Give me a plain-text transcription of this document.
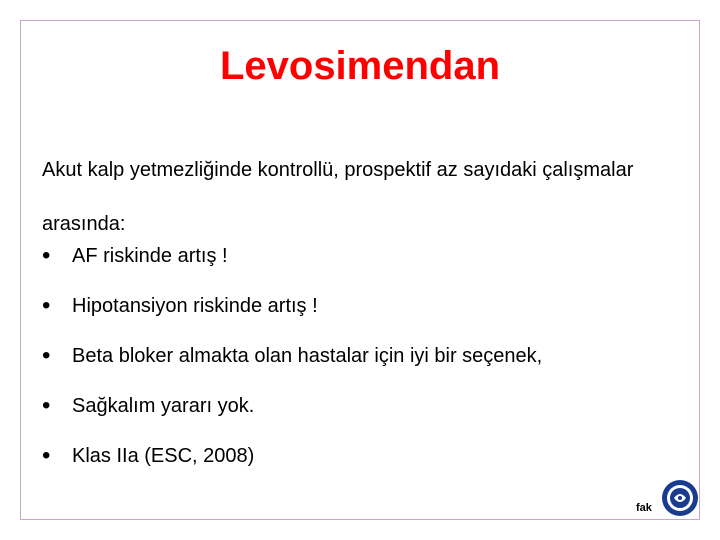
Levosimendan
Akut kalp yetmezliğinde kontrollü, prospektif az sayıdaki çalışmalar arasında:
• AF riskinde artış !
• Hipotansiyon riskinde artış !
• Beta bloker almakta olan hastalar için iyi bir seçenek,
• Sağkalım yararı yok.
• Klas IIa (ESC, 2008)
fak
